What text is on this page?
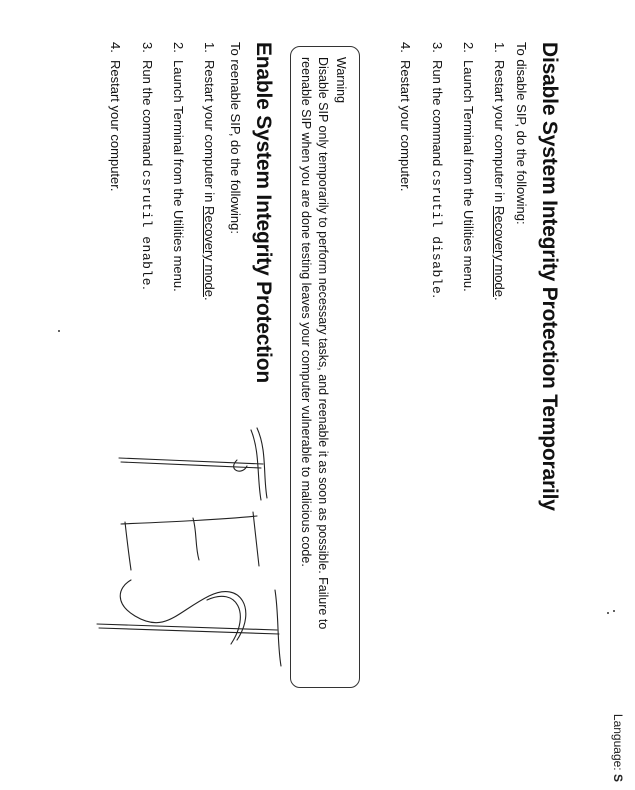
Language: S
Disable System Integrity Protection Temporarily
To disable SIP, do the following:
1.Restart your computer in Recovery mode.
2.Launch Terminal from the Utilities menu.
3.Run the command csrutil disable.
4.Restart your computer.
Warning
Disable SIP only temporarily to perform necessary tasks, and reenable it as soon as possible. Failure to reenable SIP when you are done testing leaves your computer vulnerable to malicious code.
Enable System Integrity Protection
To reenable SIP, do the following:
1.Restart your computer in Recovery mode.
2.Launch Terminal from the Utilities menu.
3.Run the command csrutil enable.
4.Restart your computer.
